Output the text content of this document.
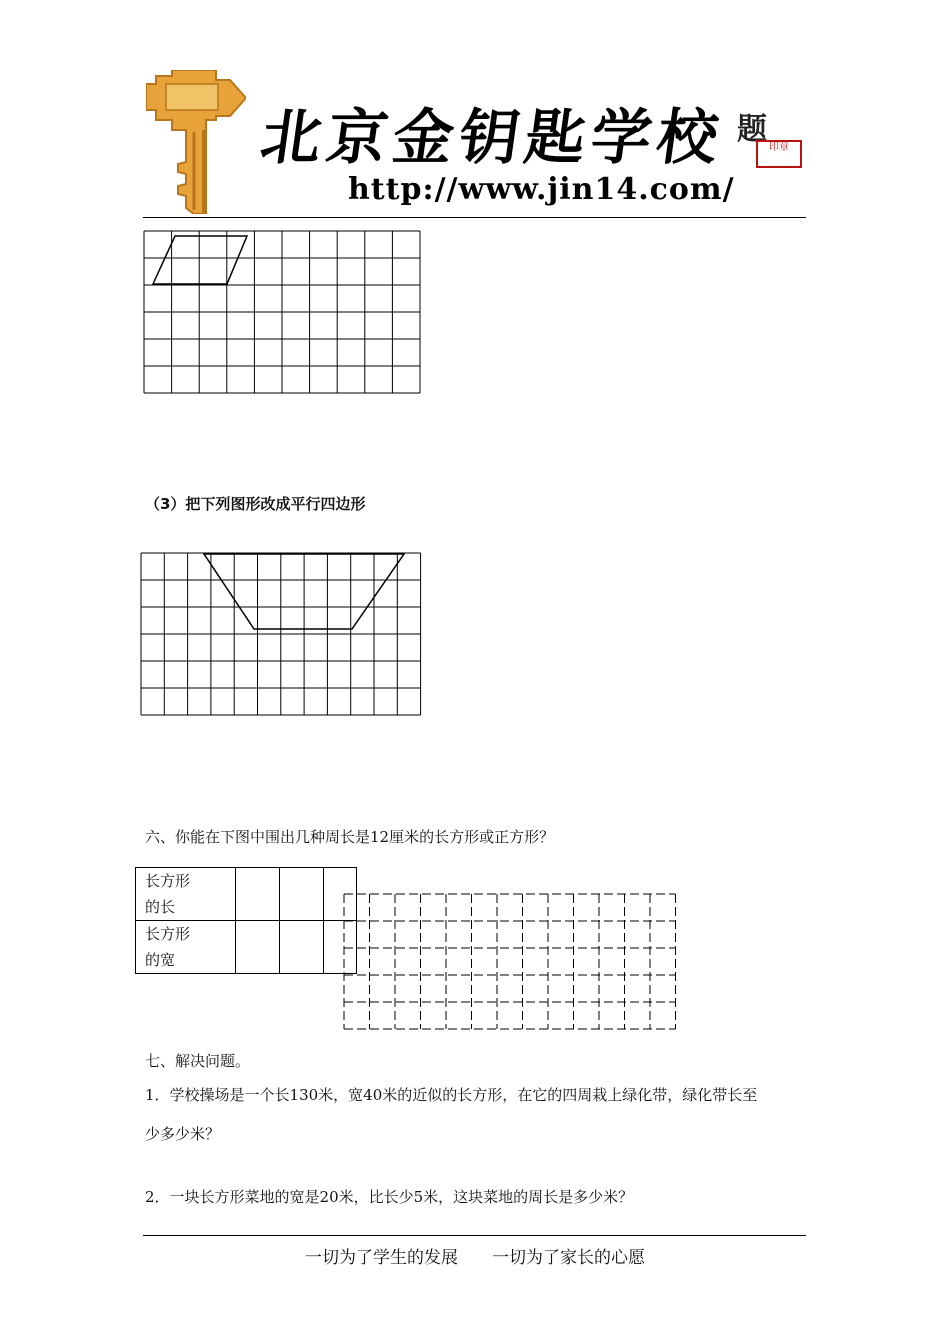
北京金钥匙学校 题
印章
http://www.jin14.com/
（3）把下列图形改成平行四边形
六、你能在下图中围出几种周长是12厘米的长方形或正方形？
长方形
的长			
长方形
的宽			
七、解决问题。
1．学校操场是一个长130米，宽40米的近似的长方形，在它的四周栽上绿化带，绿化带长至
少多少米？
2．一块长方形菜地的宽是20米，比长少5米，这块菜地的周长是多少米？
一切为了学生的发展 一切为了家长的心愿
